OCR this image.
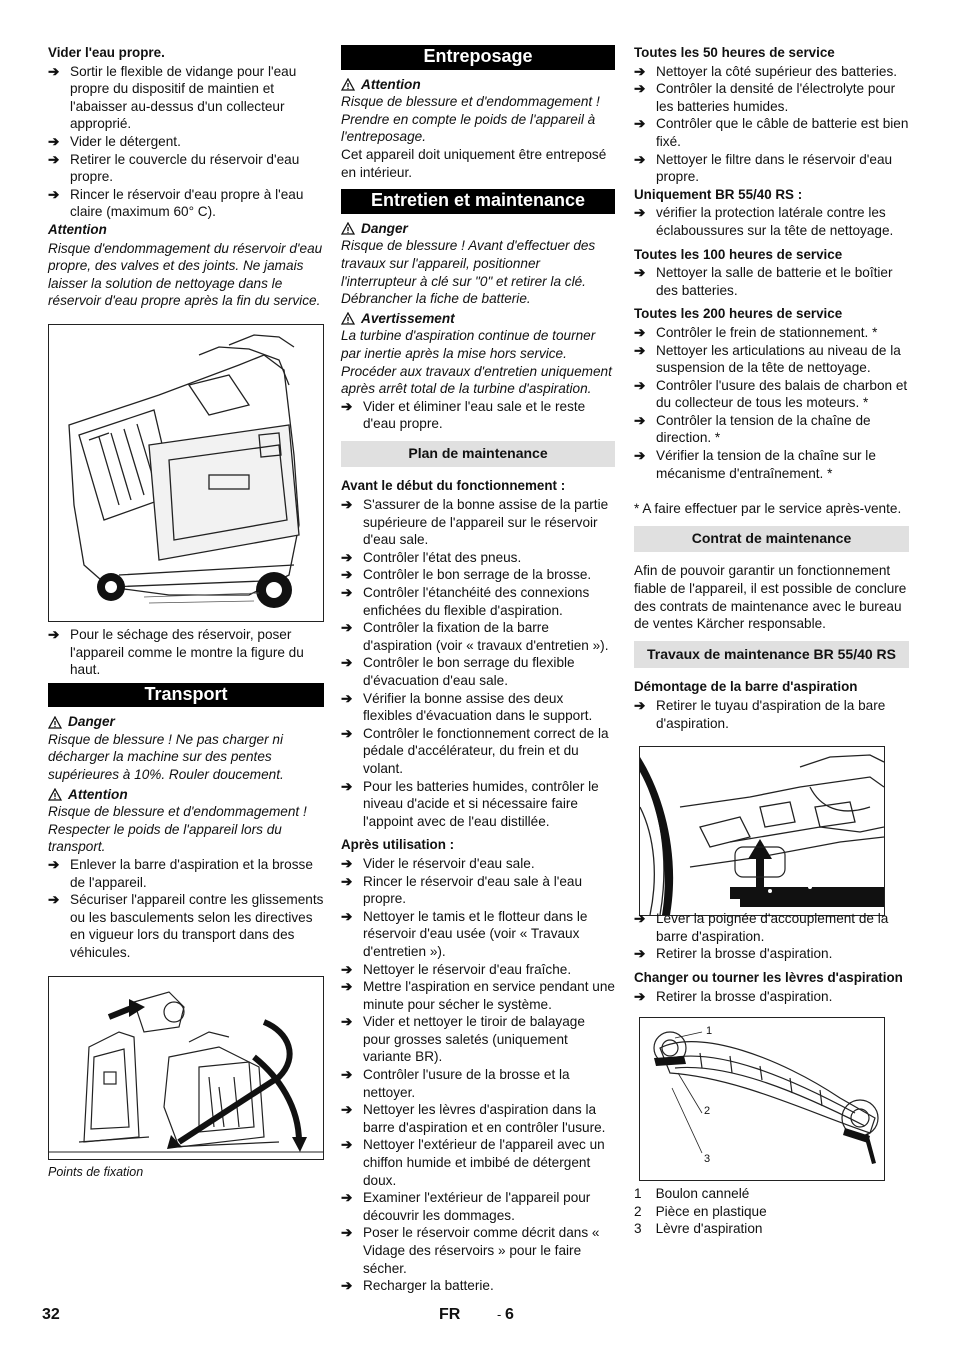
Vider l'eau propre.
➔ Sortir le flexible de vidange pour l'eau propre du dispositif de maintien et l'abaisser au-dessus d'un collecteur approprié.
➔ Vider le détergent.
➔ Retirer le couvercle du réservoir d'eau propre.
➔ Rincer le réservoir d'eau propre à l'eau claire (maximum 60° C).
Attention
Risque d'endommagement du réservoir d'eau propre, des valves et des joints. Ne jamais laisser la solution de nettoyage dans le réservoir d'eau propre après la fin du service.
➔ Pour le séchage des réservoir, poser l'appareil comme le montre la figure du haut.
Transport
Danger
Risque de blessure ! Ne pas charger ni décharger la machine sur des pentes supérieures à 10%. Rouler doucement.
Attention
Risque de blessure et d'endommagement ! Respecter le poids de l'appareil lors du transport.
➔ Enlever la barre d'aspiration et la brosse de l'appareil.
➔ Sécuriser l'appareil contre les glissements ou les basculements selon les directives en vigueur lors du transport dans des véhicules.
Points de fixation
Entreposage
Attention
Risque de blessure et d'endommagement ! Prendre en compte le poids de l'appareil à l'entreposage.
Cet appareil doit uniquement être entreposé en intérieur.
Entretien et maintenance
Danger
Risque de blessure ! Avant d'effectuer des travaux sur l'appareil, positionner l'interrupteur à clé sur "0" et retirer la clé. Débrancher la fiche de batterie.
Avertissement
La turbine d'aspiration continue de tourner par inertie après la mise hors service. Procéder aux travaux d'entretien uniquement après arrêt total de la turbine d'aspiration.
➔ Vider et éliminer l'eau sale et le reste d'eau propre.
Plan de maintenance
Avant le début du fonctionnement :
➔ S'assurer de la bonne assise de la partie supérieure de l'appareil sur le réservoir d'eau sale.
➔ Contrôler l'état des pneus.
➔ Contrôler le bon serrage de la brosse.
➔ Contrôler l'étanchéité des connexions enfichées du flexible d'aspiration.
➔ Contrôler la fixation de la barre d'aspiration (voir « travaux d'entretien »).
➔ Contrôler le bon serrage du flexible d'évacuation d'eau sale.
➔ Vérifier la bonne assise des deux flexibles d'évacuation dans le support.
➔ Contrôler le fonctionnement correct de la pédale d'accélérateur, du frein et du volant.
➔ Pour les batteries humides, contrôler le niveau d'acide et si nécessaire faire l'appoint avec de l'eau distillée.
Après utilisation :
➔ Vider le réservoir d'eau sale.
➔ Rincer le réservoir d'eau sale à l'eau propre.
➔ Nettoyer le tamis et le flotteur dans le réservoir d'eau usée (voir « Travaux d'entretien »).
➔ Nettoyer le réservoir d'eau fraîche.
➔ Mettre l'aspiration en service pendant une minute pour sécher le système.
➔ Vider et nettoyer le tiroir de balayage pour grosses saletés (uniquement variante BR).
➔ Contrôler l'usure de la brosse et la nettoyer.
➔ Nettoyer les lèvres d'aspiration dans la barre d'aspiration et en contrôler l'usure.
➔ Nettoyer l'extérieur de l'appareil avec un chiffon humide et imbibé de détergent doux.
➔ Examiner l'extérieur de l'appareil pour découvrir les dommages.
➔ Poser le réservoir comme décrit dans « Vidage des réservoirs » pour le faire sécher.
➔ Recharger la batterie.
Toutes les 50 heures de service
➔ Nettoyer la côté supérieur des batteries.
➔ Contrôler la densité de l'électrolyte pour les batteries humides.
➔ Contrôler que le câble de batterie est bien fixé.
➔ Nettoyer le filtre dans le réservoir d'eau propre.
Uniquement BR 55/40 RS :
➔ vérifier la protection latérale contre les éclaboussures sur la tête de nettoyage.
Toutes les 100 heures de service
➔ Nettoyer la salle de batterie et le boîtier des batteries.
Toutes les 200 heures de service
➔ Contrôler le frein de stationnement. *
➔ Nettoyer les articulations au niveau de la suspension de la tête de nettoyage.
➔ Contrôler l'usure des balais de charbon et du collecteur de tous les moteurs. *
➔ Contrôler la tension de la chaîne de direction. *
➔ Vérifier la tension de la chaîne sur le mécanisme d'entraînement. *
* A faire effectuer par le service après-vente.
Contrat de maintenance
Afin de pouvoir garantir un fonctionnement fiable de l'appareil, il est possible de conclure des contrats de maintenance avec le bureau de ventes Kärcher responsable.
Travaux de maintenance BR 55/40 RS
Démontage de la barre d'aspiration
➔ Retirer le tuyau d'aspiration de la bare d'aspiration.
➔ Lever la poignée d'accouplement de la barre d'aspiration.
➔ Retirer la brosse d'aspiration.
Changer ou tourner les lèvres d'aspiration
➔ Retirer la brosse d'aspiration.
1
2
3
1 Boulon cannelé
2 Pièce en plastique
3 Lèvre d'aspiration
32	FR	- 6
